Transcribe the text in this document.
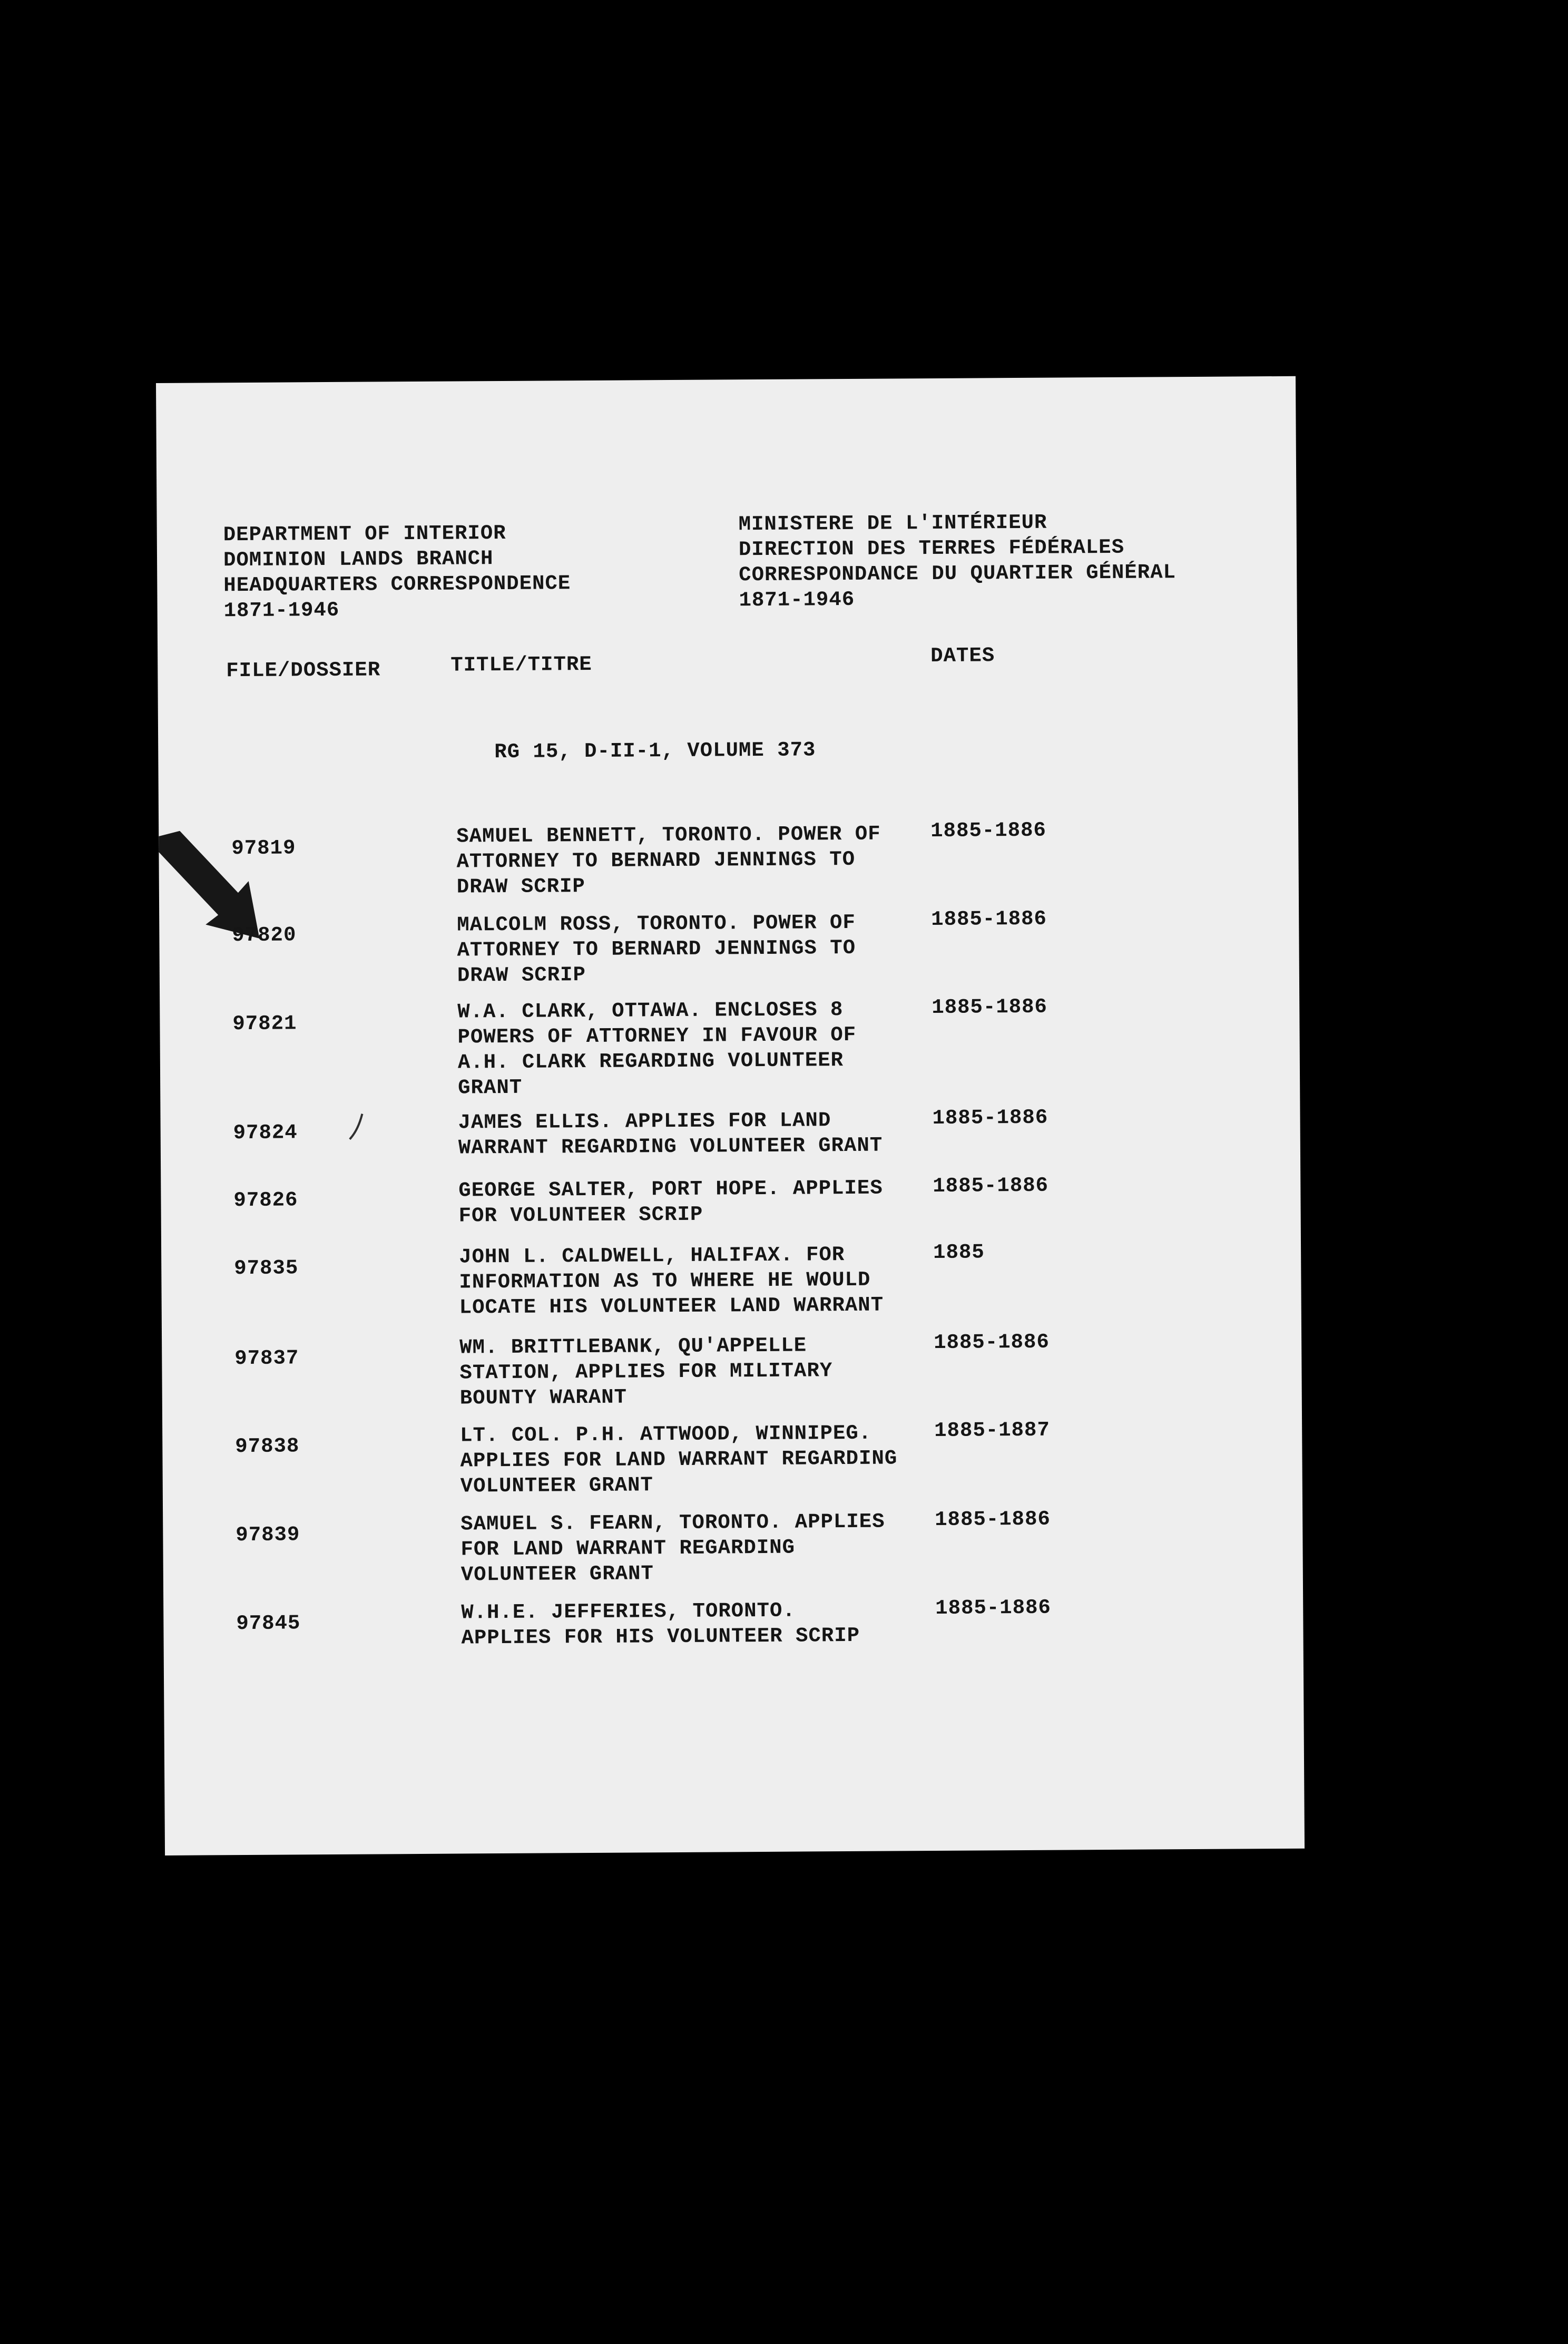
DEPARTMENT OF INTERIOR
DOMINION LANDS BRANCH
HEADQUARTERS CORRESPONDENCE
1871-1946
MINISTERE DE L'INTÉRIEUR
DIRECTION DES TERRES FÉDÉRALES
CORRESPONDANCE DU QUARTIER GÉNÉRAL
1871-1946
FILE/DOSSIER	TITLE/TITRE	DATES
RG 15, D-II-1, VOLUME 373
97819
SAMUEL BENNETT, TORONTO. POWER OF
ATTORNEY TO BERNARD JENNINGS TO
DRAW SCRIP
1885-1886
97820	MALCOLM ROSS, TORONTO. POWER OF
ATTORNEY TO BERNARD JENNINGS TO
DRAW SCRIP
1885-1886
97821
W.A. CLARK, OTTAWA. ENCLOSES 8
POWERS OF ATTORNEY IN FAVOUR OF
A.H. CLARK REGARDING VOLUNTEER
GRANT
1885-1886
97824	JAMES ELLIS. APPLIES FOR LAND
WARRANT REGARDING VOLUNTEER GRANT
1885-1886
97826	GEORGE SALTER, PORT HOPE. APPLIES
FOR VOLUNTEER SCRIP
1885-1886
97835	JOHN L. CALDWELL, HALIFAX. FOR
INFORMATION AS TO WHERE HE WOULD
LOCATE HIS VOLUNTEER LAND WARRANT
1885
97837	WM. BRITTLEBANK, QU'APPELLE
STATION, APPLIES FOR MILITARY
BOUNTY WARANT
1885-1886
97838	LT. COL. P.H. ATTWOOD, WINNIPEG.
APPLIES FOR LAND WARRANT REGARDING
VOLUNTEER GRANT
1885-1887
97839	SAMUEL S. FEARN, TORONTO. APPLIES
FOR LAND WARRANT REGARDING
VOLUNTEER GRANT
1885-1886
97845	W.H.E. JEFFERIES, TORONTO.
APPLIES FOR HIS VOLUNTEER SCRIP
1885-1886
